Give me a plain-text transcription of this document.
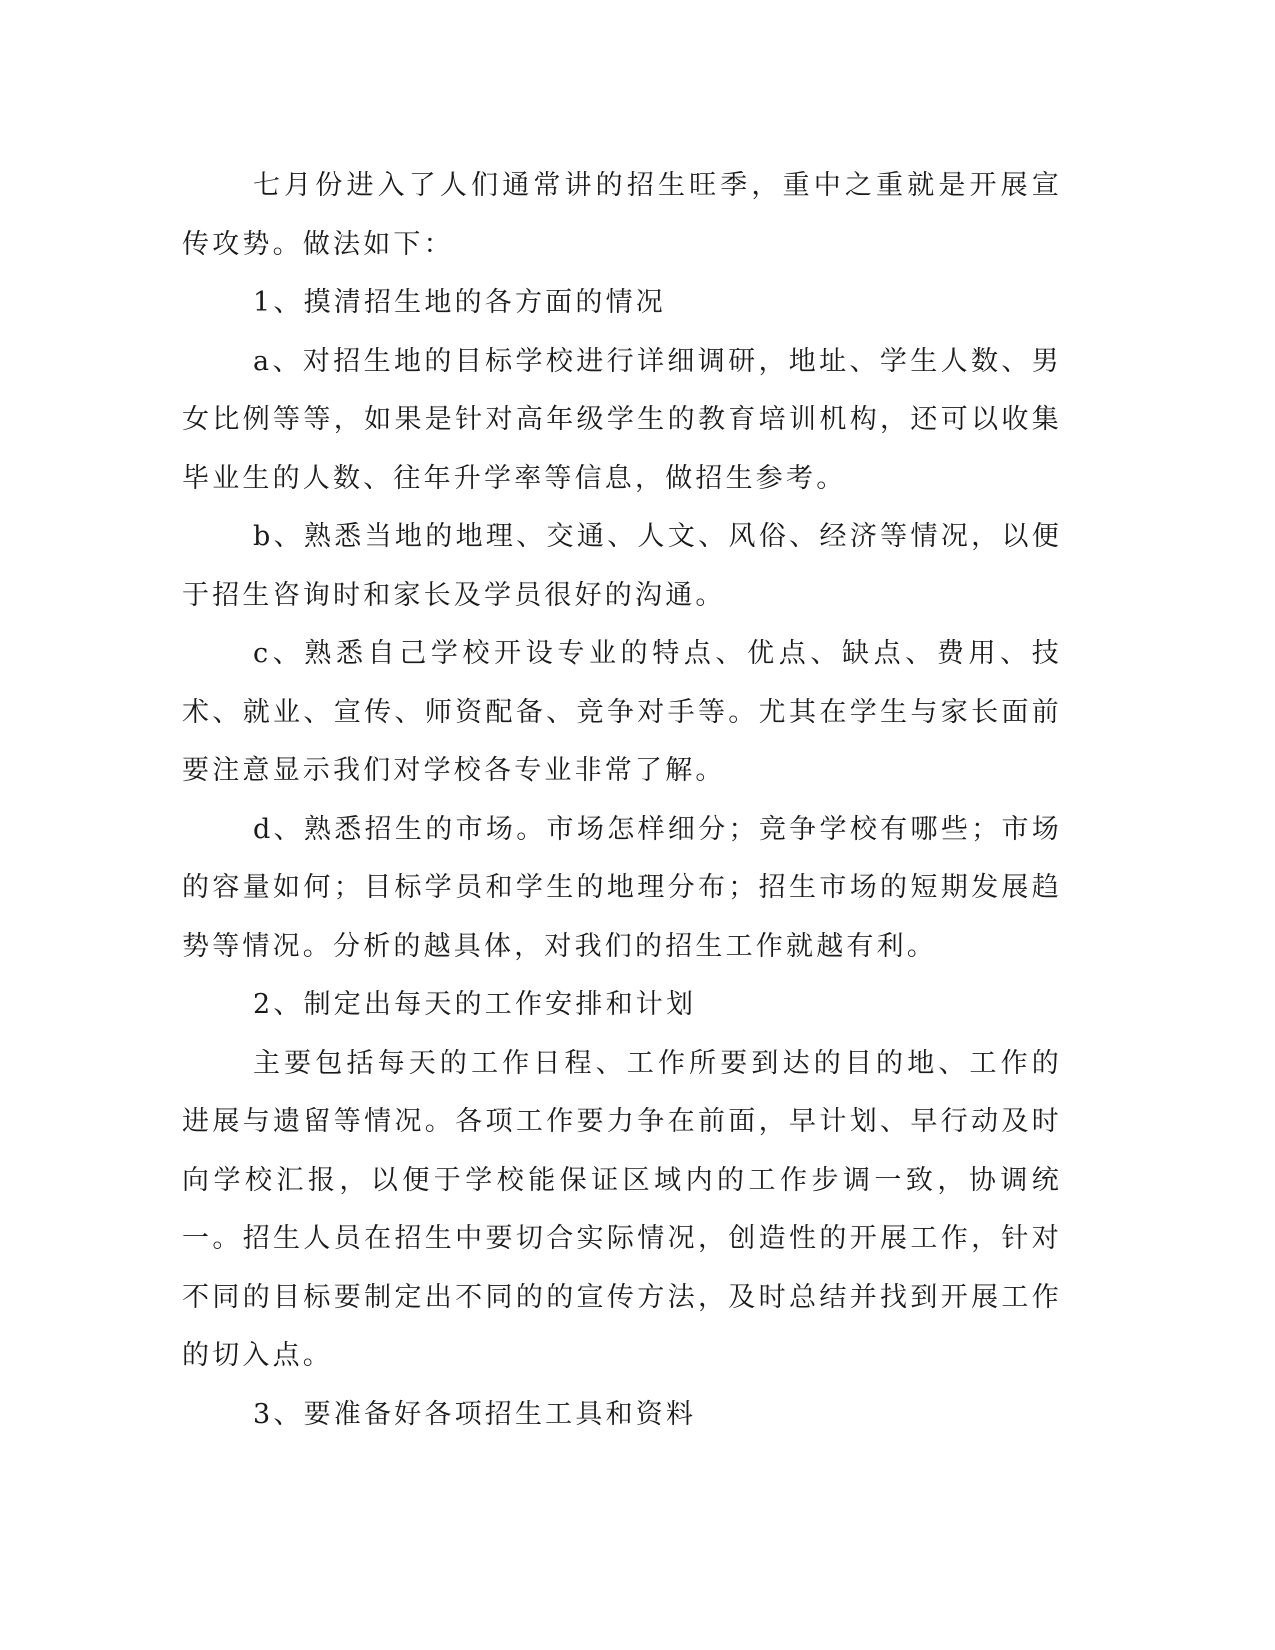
七月份进入了人们通常讲的招生旺季，重中之重就是开展宣传攻势。做法如下：

1、摸清招生地的各方面的情况

a、对招生地的目标学校进行详细调研，地址、学生人数、男女比例等等，如果是针对高年级学生的教育培训机构，还可以收集毕业生的人数、往年升学率等信息，做招生参考。

b、熟悉当地的地理、交通、人文、风俗、经济等情况，以便于招生咨询时和家长及学员很好的沟通。

c、熟悉自己学校开设专业的特点、优点、缺点、费用、技术、就业、宣传、师资配备、竞争对手等。尤其在学生与家长面前要注意显示我们对学校各专业非常了解。

d、熟悉招生的市场。市场怎样细分；竞争学校有哪些；市场的容量如何；目标学员和学生的地理分布；招生市场的短期发展趋势等情况。分析的越具体，对我们的招生工作就越有利。

2、制定出每天的工作安排和计划

主要包括每天的工作日程、工作所要到达的目的地、工作的进展与遗留等情况。各项工作要力争在前面，早计划、早行动及时向学校汇报，以便于学校能保证区域内的工作步调一致，协调统一。招生人员在招生中要切合实际情况，创造性的开展工作，针对不同的目标要制定出不同的的宣传方法，及时总结并找到开展工作的切入点。

3、要准备好各项招生工具和资料
